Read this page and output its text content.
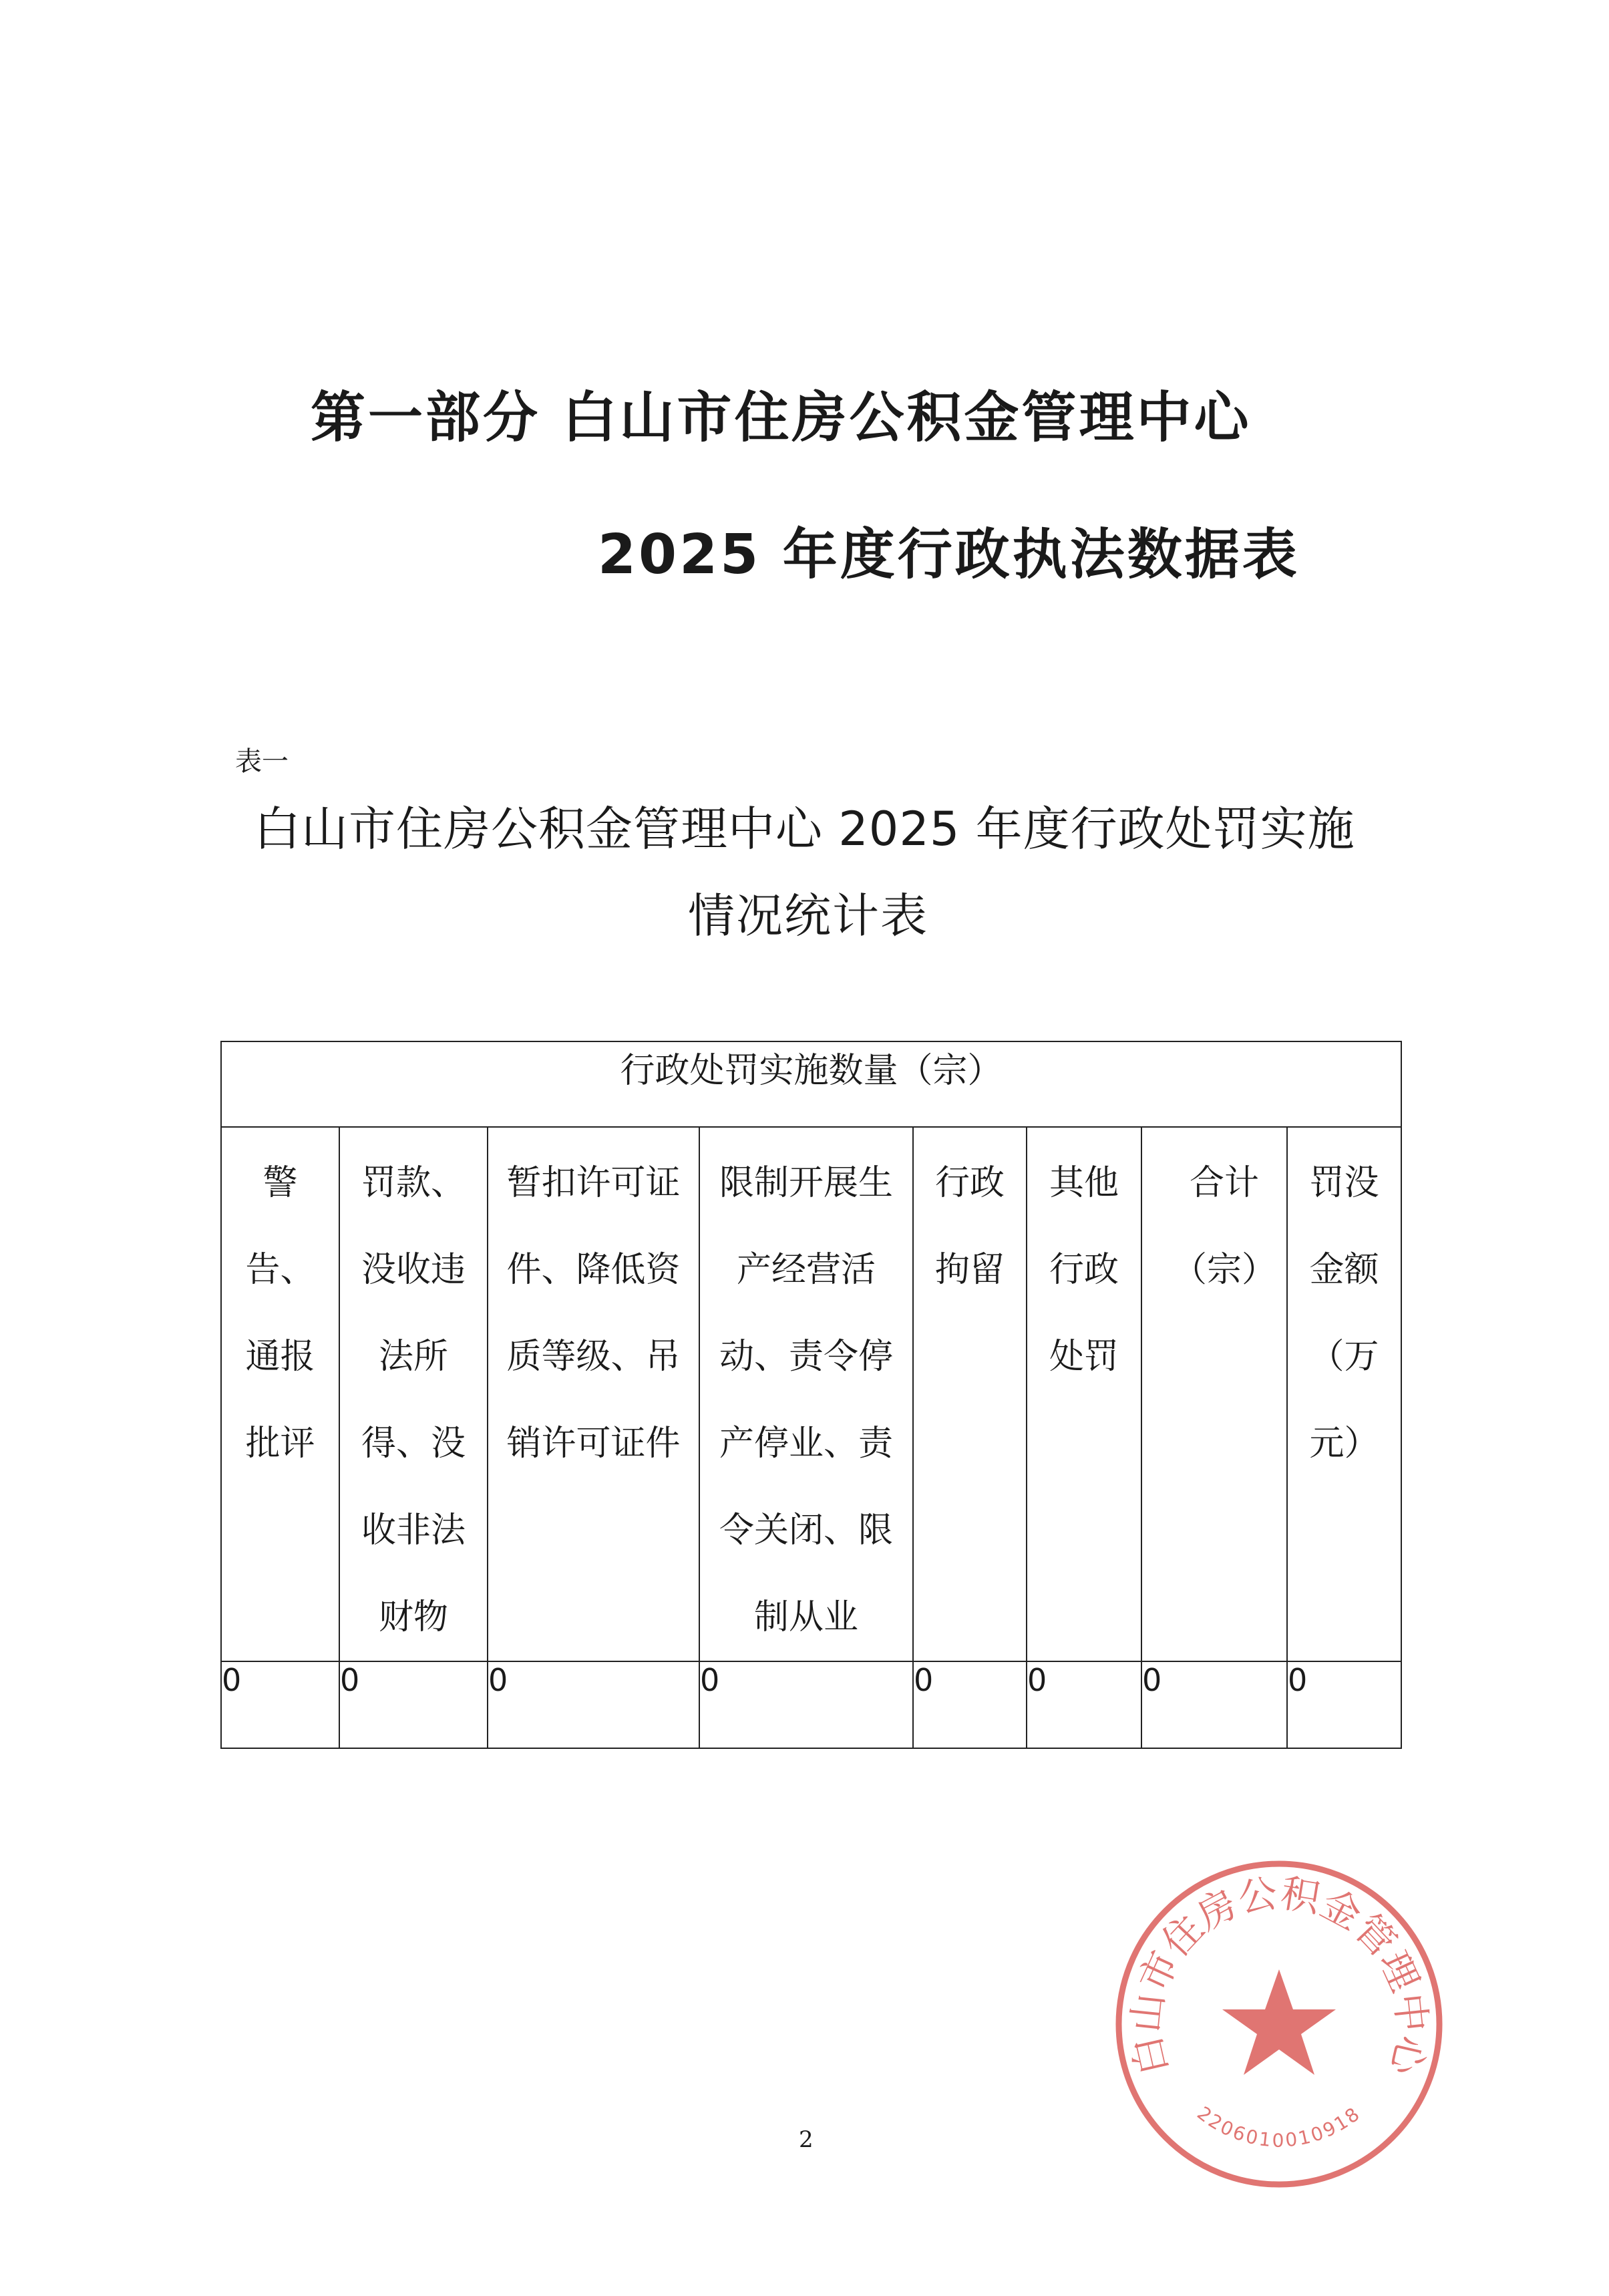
第一部分 白山市住房公积金管理中心
2025 年度行政执法数据表
表一
白山市住房公积金管理中心 2025 年度行政处罚实施
情况统计表
行政处罚实施数量（宗）							

警告、通报批评	罚款、没收违法所得、没收非法财物	暂扣许可证件、降低资质等级、吊销许可证件	限制开展生产经营活动、责令停产停业、责令关闭、限制从业	行政拘留	其他行政处罚	合计（宗）	罚没金额（万元）

0	0	0	0	0	0	0	0
白山市住房公积金管理中心
2206010010918
2
